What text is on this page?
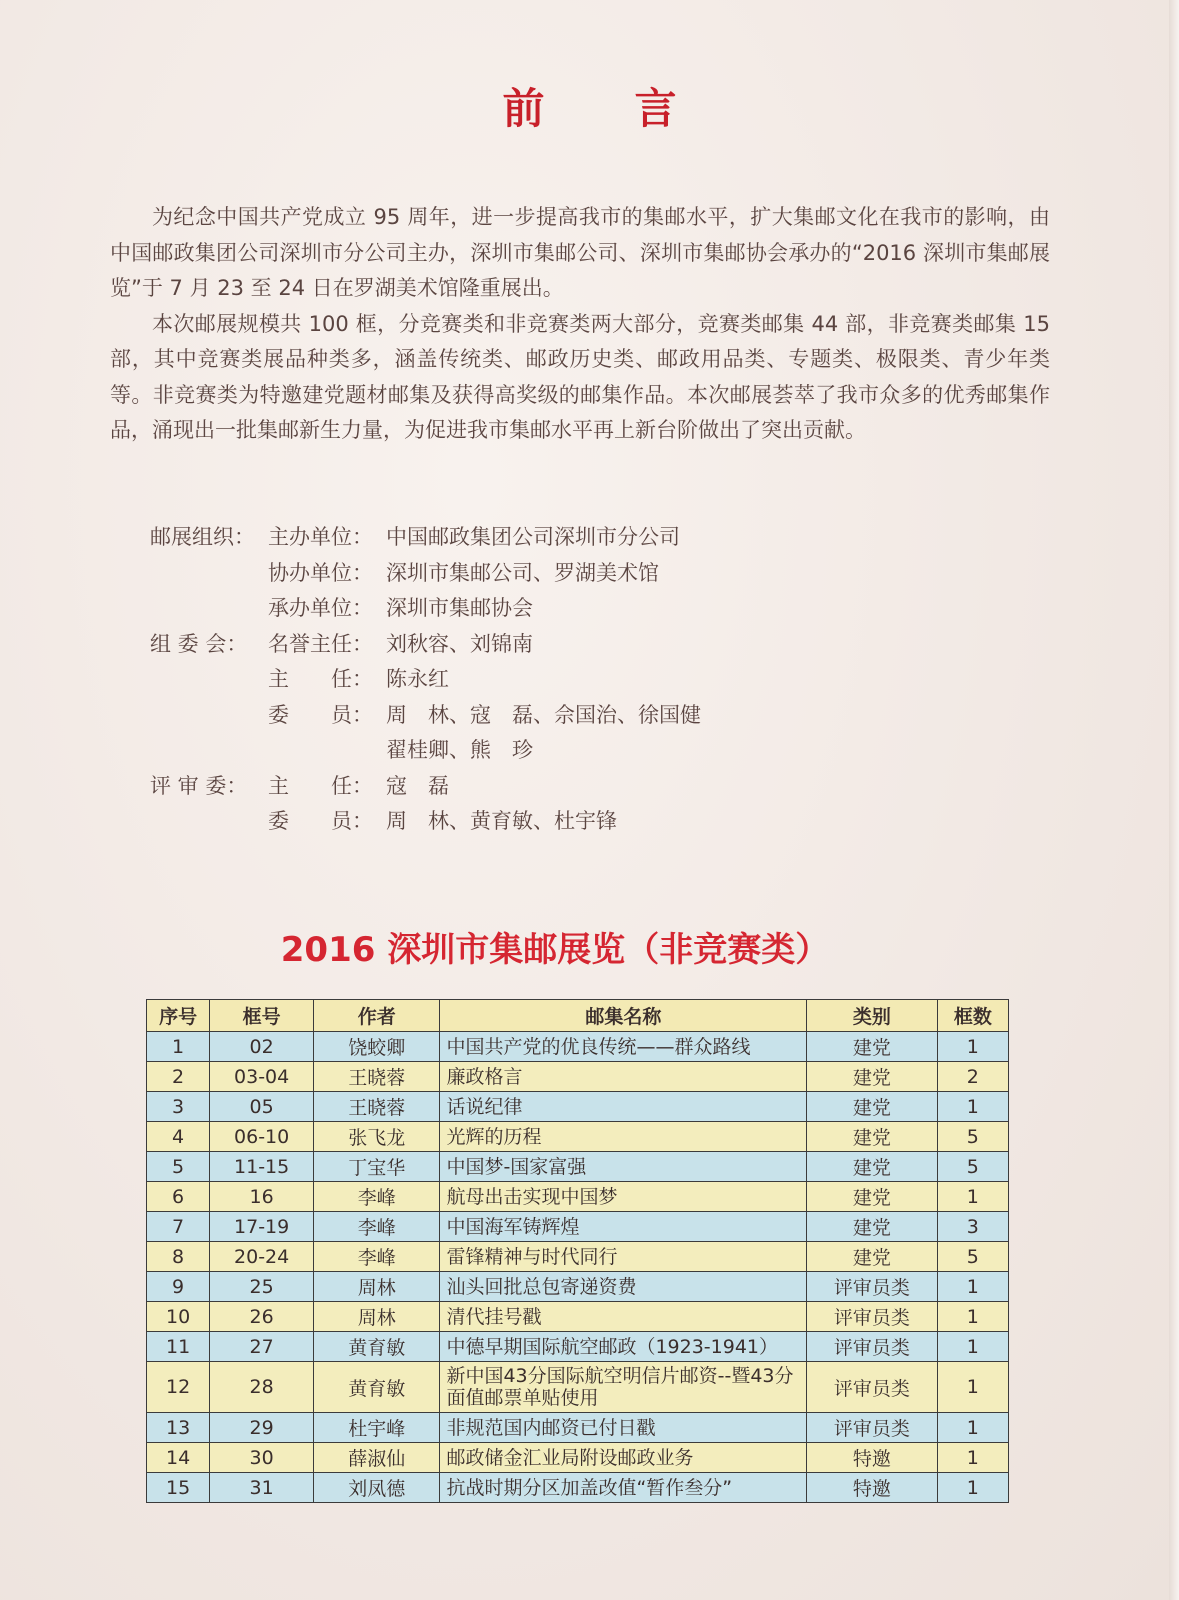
前言

为纪念中国共产党成立 95 周年，进一步提高我市的集邮水平，扩大集邮文化在我市的影响，由中国邮政集团公司深圳市分公司主办，深圳市集邮公司、深圳市集邮协会承办的“2016 深圳市集邮展览”于 7 月 23 至 24 日在罗湖美术馆隆重展出。

本次邮展规模共 100 框，分竞赛类和非竞赛类两大部分，竞赛类邮集 44 部，非竞赛类邮集 15 部，其中竞赛类展品种类多，涵盖传统类、邮政历史类、邮政用品类、专题类、极限类、青少年类等。非竞赛类为特邀建党题材邮集及获得高奖级的邮集作品。本次邮展荟萃了我市众多的优秀邮集作品，涌现出一批集邮新生力量，为促进我市集邮水平再上新台阶做出了突出贡献。

邮展组织： 主办单位： 中国邮政集团公司深圳市分公司
协办单位： 深圳市集邮公司、罗湖美术馆
承办单位： 深圳市集邮协会
组 委 会： 名誉主任： 刘秋容、刘锦南
主　　任： 陈永红
委　　员： 周　林、寇　磊、佘国治、徐国健
翟桂卿、熊　珍
评 审 委： 主　　任： 寇　磊
委　　员： 周　林、黄育敏、杜宇锋
2016 深圳市集邮展览（非竞赛类）
序号	框号	作者	邮集名称	类别	框数
1	02	饶蛟卿	中国共产党的优良传统——群众路线	建党	1
2	03-04	王晓蓉	廉政格言	建党	2
3	05	王晓蓉	话说纪律	建党	1
4	06-10	张飞龙	光辉的历程	建党	5
5	11-15	丁宝华	中国梦-国家富强	建党	5
6	16	李峰	航母出击实现中国梦	建党	1
7	17-19	李峰	中国海军铸辉煌	建党	3
8	20-24	李峰	雷锋精神与时代同行	建党	5
9	25	周林	汕头回批总包寄递资费	评审员类	1
10	26	周林	清代挂号戳	评审员类	1
11	27	黄育敏	中德早期国际航空邮政（1923-1941）	评审员类	1
12	28	黄育敏	新中国43分国际航空明信片邮资--暨43分面值邮票单贴使用	评审员类	1
13	29	杜宇峰	非规范国内邮资已付日戳	评审员类	1
14	30	薛淑仙	邮政储金汇业局附设邮政业务	特邀	1
15	31	刘凤德	抗战时期分区加盖改值“暂作叁分”	特邀	1
